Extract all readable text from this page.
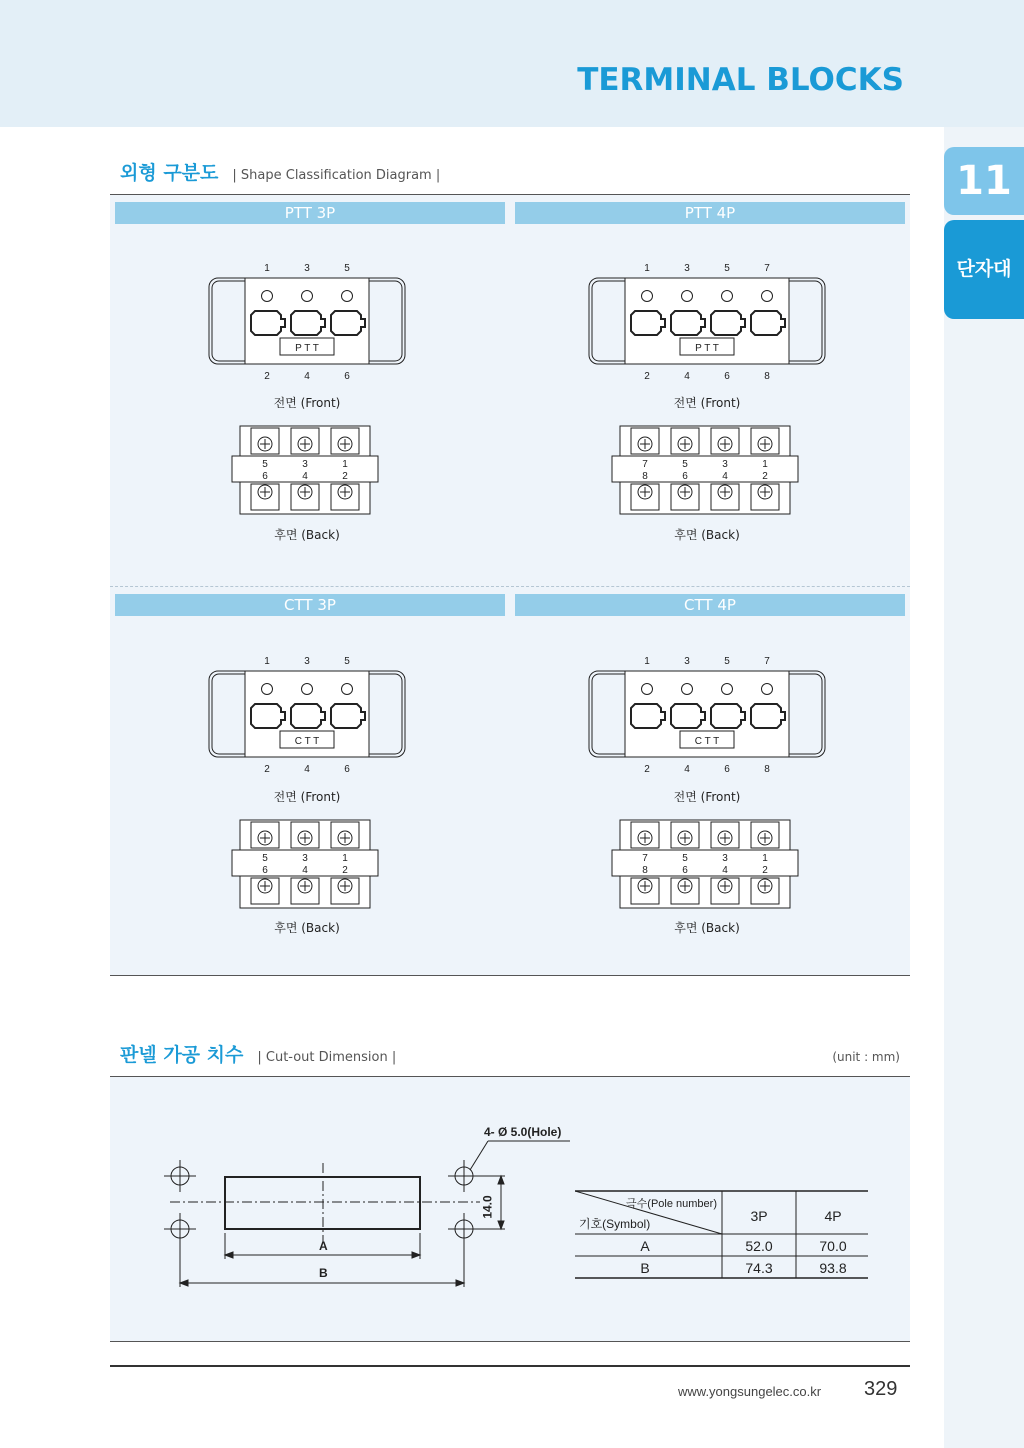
TERMINAL BLOCKS
11
단자대
외형 구분도 | Shape Classification Diagram |
PTT 3P	PTT 4P
CTT 3P	CTT 4P
1
2
3
4
5
6
P T T
5
6
3
4
1
2
1
2
3
4
5
6
7
8
P T T
7
8
5
6
3
4
1
2
1
2
3
4
5
6
C T T
5
6
3
4
1
2
1
2
3
4
5
6
7
8
C T T
7
8
5
6
3
4
1
2
전면 (Front)	전면 (Front)
후면 (Back)	후면 (Back)
전면 (Front)	전면 (Front)
후면 (Back)	후면 (Back)
판넬 가공 치수 | Cut-out Dimension |	(unit : mm)
4- Ø 5.0(Hole)
14.0
A
B
극수(Pole number)
기호(Symbol)	3P	4P
A	52.0	70.0
B	74.3	93.8
www.yongsungelec.co.kr 329
